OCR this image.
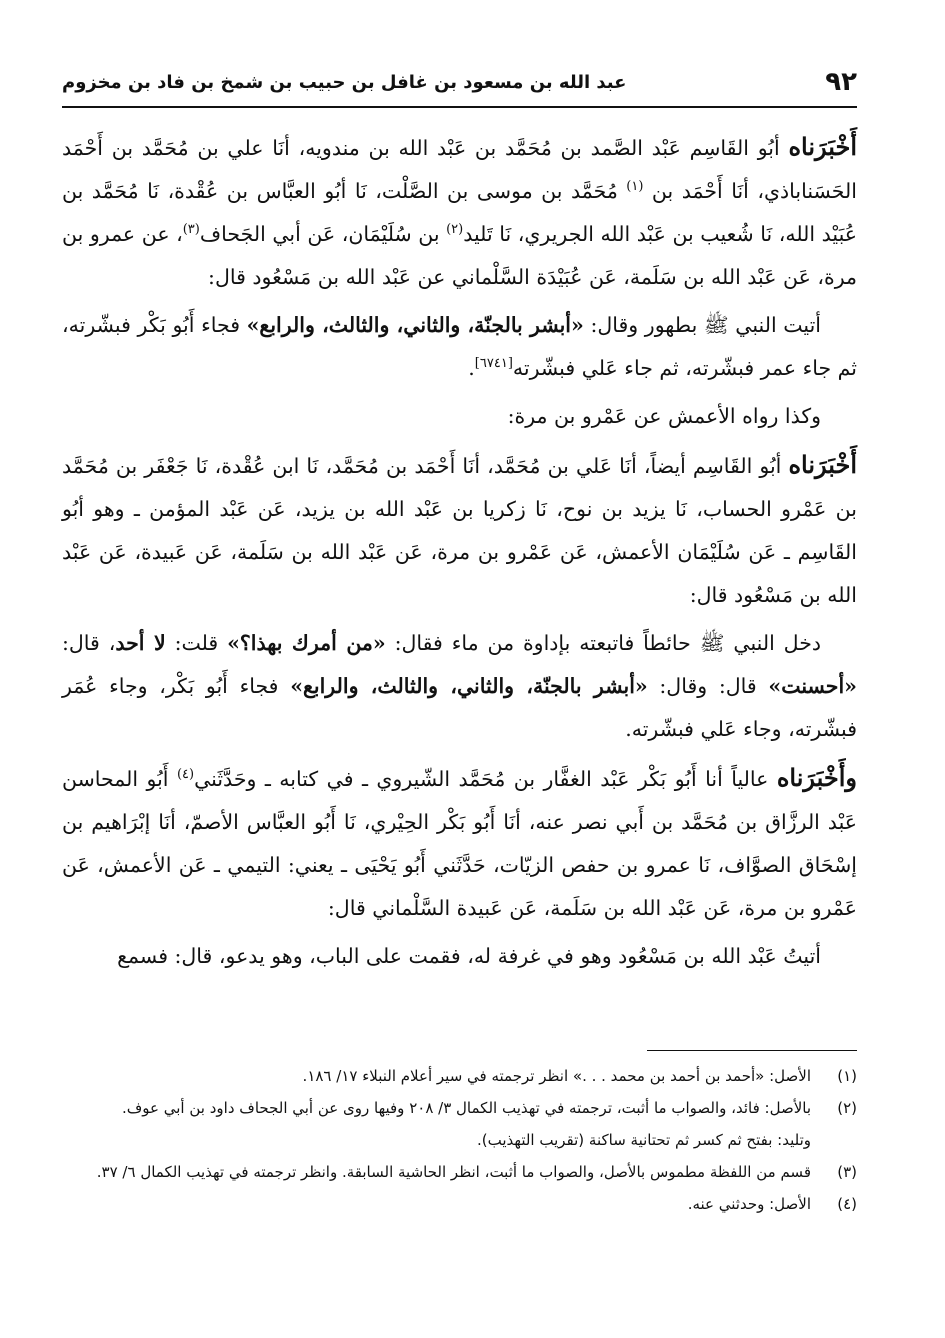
٩٢
عبد الله بن مسعود بن غافل بن حبيب بن شمخ بن فاد بن مخزوم

أَخْبَرَناه أبُو القَاسِم عَبْد الصَّمد بن مُحَمَّد بن عَبْد الله بن مندويه، أنَا علي بن مُحَمَّد بن أَحْمَد الحَسَناباذي، أنَا أَحْمَد بن $^{(١)}$ مُحَمَّد بن موسى بن الصَّلْت، نَا أبُو العبَّاس بن عُقْدة، نَا مُحَمَّد بن عُبَيْد الله، نَا شُعيب بن عَبْد الله الجريري، نَا تَليد$^{(٢)}$ بن سُلَيْمَان، عَن أبي الجَحاف$^{(٣)}$، عن عمرو بن مرة، عَن عَبْد الله بن سَلَمة، عَن عُبَيْدَة السَّلْماني عن عَبْد الله بن مَسْعُود قال:

أتيت النبي ﷺ بطهور وقال: «أبشر بالجنّة، والثاني، والثالث، والرابع» فجاء أَبُو بَكْر فبشّرته، ثم جاء عمر فبشّرته، ثم جاء عَلي فبشّرته[٦٧٤١].

وكذا رواه الأعمش عن عَمْرو بن مرة:

أَخْبَرَناه أبُو القَاسِم أيضاً، أنَا عَلي بن مُحَمَّد، أنَا أَحْمَد بن مُحَمَّد، نَا ابن عُقْدة، نَا جَعْفَر بن مُحَمَّد بن عَمْرو الحساب، نَا يزيد بن نوح، نَا زكريا بن عَبْد الله بن يزيد، عَن عَبْد المؤمن ـ وهو أبُو القَاسِم ـ عَن سُلَيْمَان الأعمش، عَن عَمْرو بن مرة، عَن عَبْد الله بن سَلَمة، عَن عَبيدة، عَن عَبْد الله بن مَسْعُود قال:

دخل النبي ﷺ حائطاً فاتبعته بإداوة من ماء فقال: «من أمرك بهذا؟» قلت: لا أحد، قال: «أحسنت» قال: وقال: «أبشر بالجنّة، والثاني، والثالث، والرابع» فجاء أَبُو بَكْر، وجاء عُمَر فبشّرته، وجاء عَلي فبشّرته.

وأَخْبَرَناه عالياً أنا أَبُو بَكْر عَبْد الغفَّار بن مُحَمَّد الشّيروي ـ في كتابه ـ وحَدَّثَني$^{(٤)}$ أَبُو المحاسن عَبْد الرزَّاق بن مُحَمَّد بن أَبي نصر عنه، أنَا أَبُو بَكْر الحِيْري، نَا أَبُو العبَّاس الأصمّ، أنَا إبْرَاهيم بن إسْحَاق الصوَّاف، نَا عمرو بن حفص الزيّات، حَدَّثَني أَبُو يَحْيَى ـ يعني: التيمي ـ عَن الأعمش، عَن عَمْرو بن مرة، عَن عَبْد الله بن سَلَمة، عَن عَبيدة السَّلْماني قال:

أتيتُ عَبْد الله بن مَسْعُود وهو في غرفة له، فقمت على الباب، وهو يدعو، قال: فسمع

(١)
الأصل: «أحمد بن أحمد بن محمد . . .» انظر ترجمته في سير أعلام النبلاء ١٧/ ١٨٦.
(٢)
بالأصل: فائد، والصواب ما أثبت، ترجمته في تهذيب الكمال ٣/ ٢٠٨ وفيها روى عن أبي الجحاف داود بن أبي عوف.
وتليد: بفتح ثم كسر ثم تحتانية ساكنة (تقريب التهذيب).
(٣)
قسم من اللفظة مطموس بالأصل، والصواب ما أثبت، انظر الحاشية السابقة. وانظر ترجمته في تهذيب الكمال ٦/ ٣٧.
(٤)
الأصل: وحدثني عنه.
